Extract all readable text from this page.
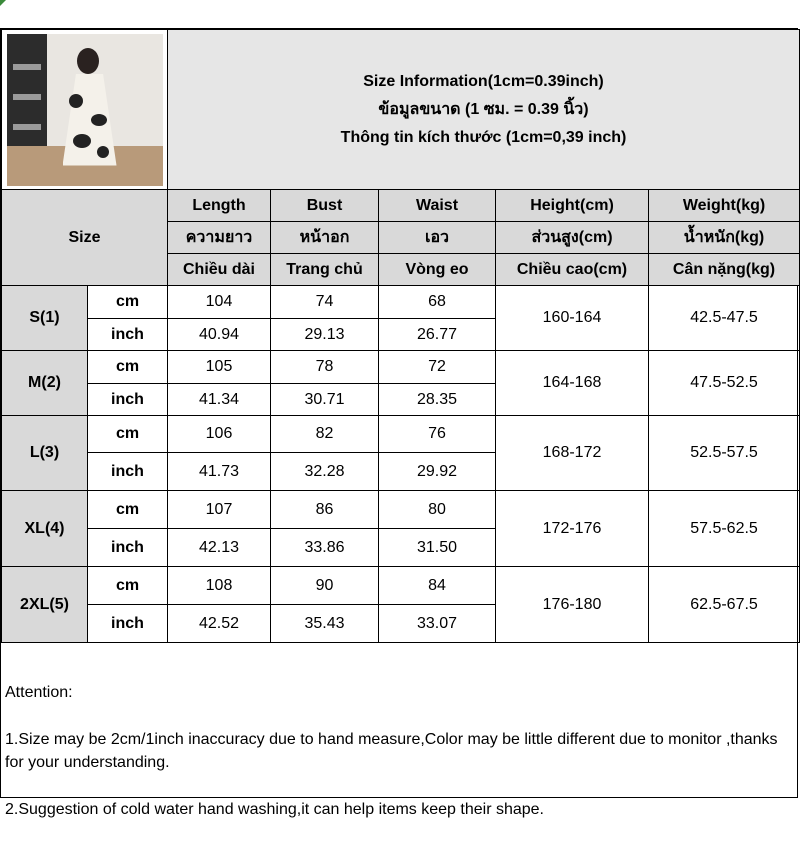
		Size Information(1cm=0.39inch)
ข้อมูลขนาด (1 ซม. = 0.39 นิ้ว)
Thông tin kích thước (1cm=0,39 inch)				

Size		Length	Bust	Waist	Height(cm)	Weight(kg)
		ความยาว	หน้าอก	เอว	ส่วนสูง(cm)	น้ำหนัก(kg)
		Chiều dài	Trang chủ	Vòng eo	Chiều cao(cm)	Cân nặng(kg)
S(1)	cm	104	74	68	160-164	42.5-47.5
	inch	40.94	29.13	26.77		
M(2)	cm	105	78	72	164-168	47.5-52.5
	inch	41.34	30.71	28.35		
L(3)	cm	106	82	76	168-172	52.5-57.5
	inch	41.73	32.28	29.92		
XL(4)	cm	107	86	80	172-176	57.5-62.5
	inch	42.13	33.86	31.50		
2XL(5)	cm	108	90	84	176-180	62.5-67.5
	inch	42.52	35.43	33.07		

Attention:

1.Size may be 2cm/1inch inaccuracy due to hand measure,Color may be little different due to monitor ,thanks for your understanding.

2.Suggestion of cold water hand washing,it can help items keep their shape.
